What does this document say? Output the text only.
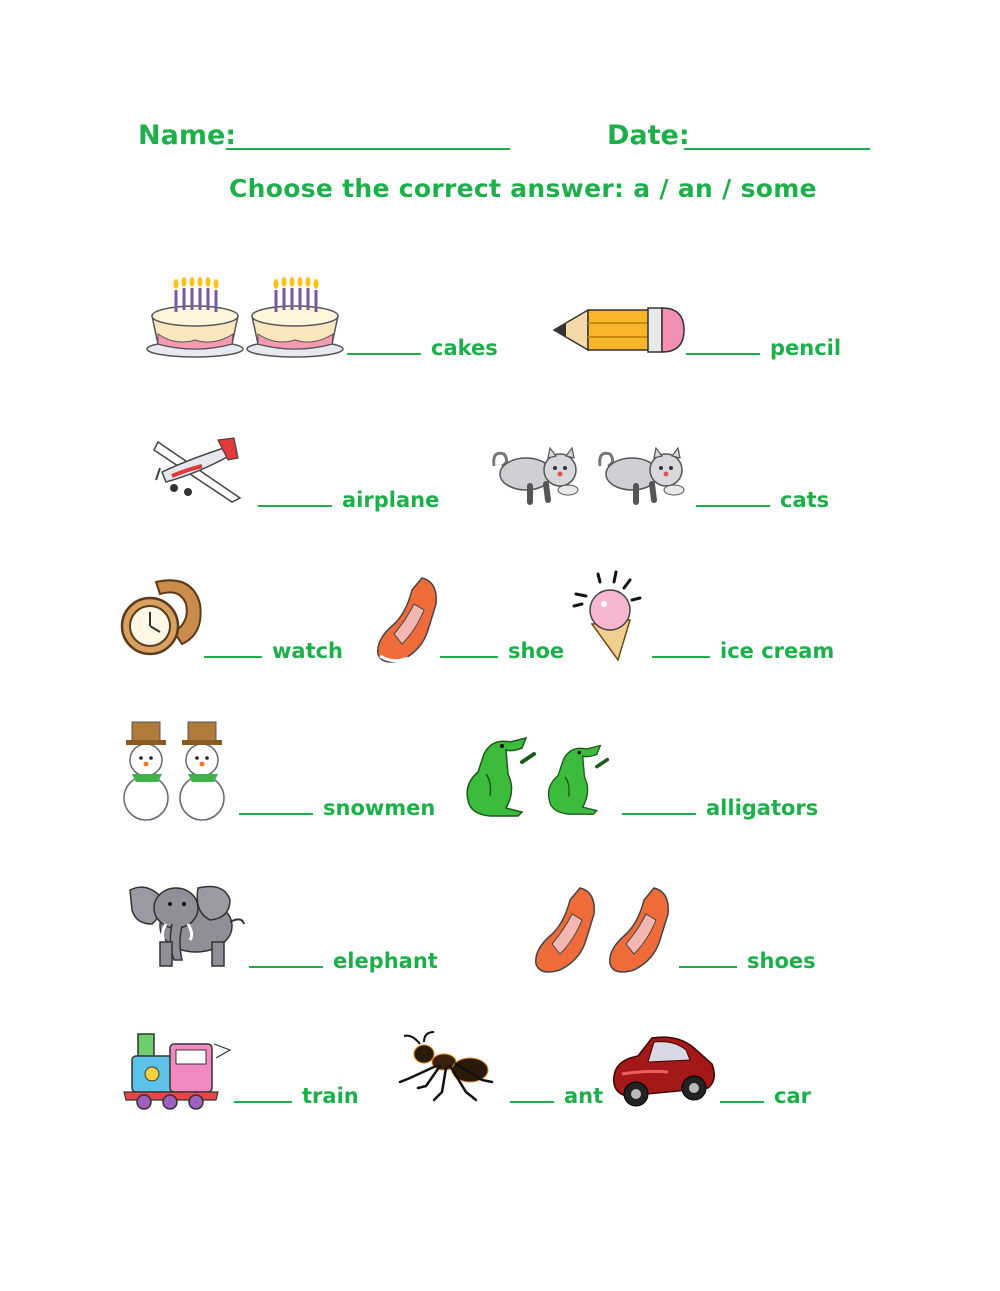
Name:	Date:
Choose the correct answer: a / an / some
cakes	pencil
airplane	cats
watch	shoe	ice cream
snowmen	alligators
elephant	shoes
train	ant	car
